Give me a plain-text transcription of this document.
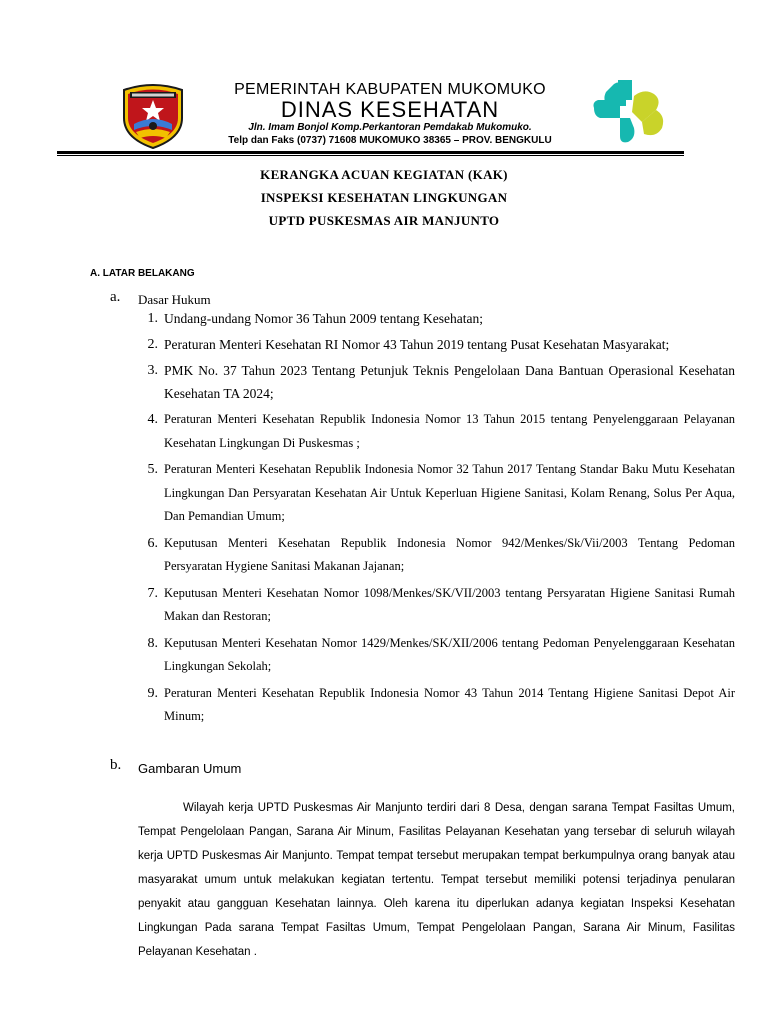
PEMERINTAH KABUPATEN MUKOMUKO
DINAS KESEHATAN
Jln. Imam Bonjol Komp.Perkantoran Pemdakab Mukomuko.
Telp dan Faks (0737) 71608 MUKOMUKO 38365 – PROV. BENGKULU
KERANGKA ACUAN KEGIATAN (KAK)
INSPEKSI KESEHATAN LINGKUNGAN
UPTD PUSKESMAS AIR MANJUNTO
A. LATAR BELAKANG
a. Dasar Hukum
1. Undang-undang Nomor 36 Tahun 2009 tentang Kesehatan;
2. Peraturan Menteri Kesehatan RI Nomor 43 Tahun 2019 tentang Pusat Kesehatan Masyarakat;
3. PMK No. 37 Tahun 2023 Tentang Petunjuk Teknis Pengelolaan Dana Bantuan Operasional Kesehatan Kesehatan TA 2024;
4. Peraturan Menteri Kesehatan Republik Indonesia Nomor 13 Tahun 2015 tentang Penyelenggaraan Pelayanan Kesehatan Lingkungan Di Puskesmas ;
5. Peraturan Menteri Kesehatan Republik Indonesia Nomor 32 Tahun 2017 Tentang Standar Baku Mutu Kesehatan Lingkungan Dan Persyaratan Kesehatan Air Untuk Keperluan Higiene Sanitasi, Kolam Renang, Solus Per Aqua, Dan Pemandian Umum;
6. Keputusan Menteri Kesehatan Republik Indonesia Nomor 942/Menkes/Sk/Vii/2003 Tentang Pedoman Persyaratan Hygiene Sanitasi Makanan Jajanan;
7. Keputusan Menteri Kesehatan Nomor 1098/Menkes/SK/VII/2003 tentang Persyaratan Higiene Sanitasi Rumah Makan dan Restoran;
8. Keputusan Menteri Kesehatan Nomor 1429/Menkes/SK/XII/2006 tentang Pedoman Penyelenggaraan Kesehatan Lingkungan Sekolah;
9. Peraturan Menteri Kesehatan Republik Indonesia Nomor 43 Tahun 2014 Tentang Higiene Sanitasi Depot Air Minum;
b. Gambaran Umum

Wilayah kerja UPTD Puskesmas Air Manjunto terdiri dari 8 Desa, dengan sarana Tempat Fasiltas Umum, Tempat Pengelolaan Pangan, Sarana Air Minum, Fasilitas Pelayanan Kesehatan yang tersebar di seluruh wilayah kerja UPTD Puskesmas Air Manjunto. Tempat tempat tersebut merupakan tempat berkumpulnya orang banyak atau masyarakat umum untuk melakukan kegiatan tertentu. Tempat tersebut memiliki potensi terjadinya penularan penyakit atau gangguan Kesehatan lainnya. Oleh karena itu diperlukan adanya kegiatan Inspeksi Kesehatan Lingkungan Pada sarana Tempat Fasiltas Umum, Tempat Pengelolaan Pangan, Sarana Air Minum, Fasilitas Pelayanan Kesehatan .
